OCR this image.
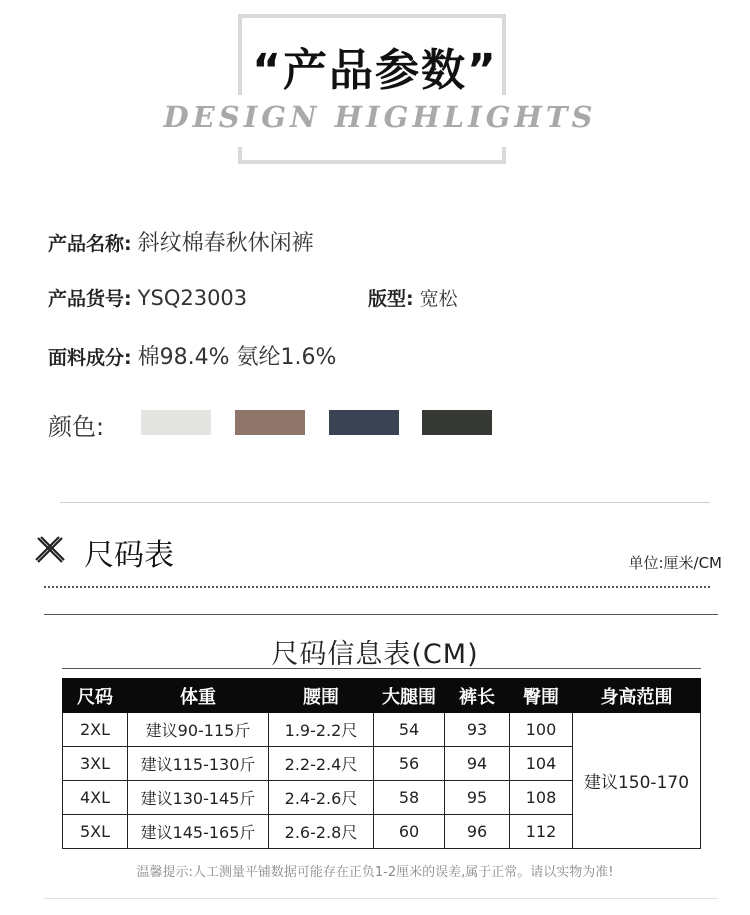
“产品参数”
DESIGN HIGHLIGHTS
产品名称: 斜纹棉春秋休闲裤
产品货号: YSQ23003	版型: 宽松
面料成分: 棉98.4% 氨纶1.6%
颜色:
尺码表	单位:厘米/CM
尺码信息表(CM)
尺码	体重	腰围	大腿围	裤长	臀围	身高范围
2XL	建议90-115斤	1.9-2.2尺	54	93	100	建议150-170
3XL	建议115-130斤	2.2-2.4尺	56	94	104	
4XL	建议130-145斤	2.4-2.6尺	58	95	108	
5XL	建议145-165斤	2.6-2.8尺	60	96	112	
温馨提示:人工测量平铺数据可能存在正负1-2厘米的误差,属于正常。请以实物为准!
